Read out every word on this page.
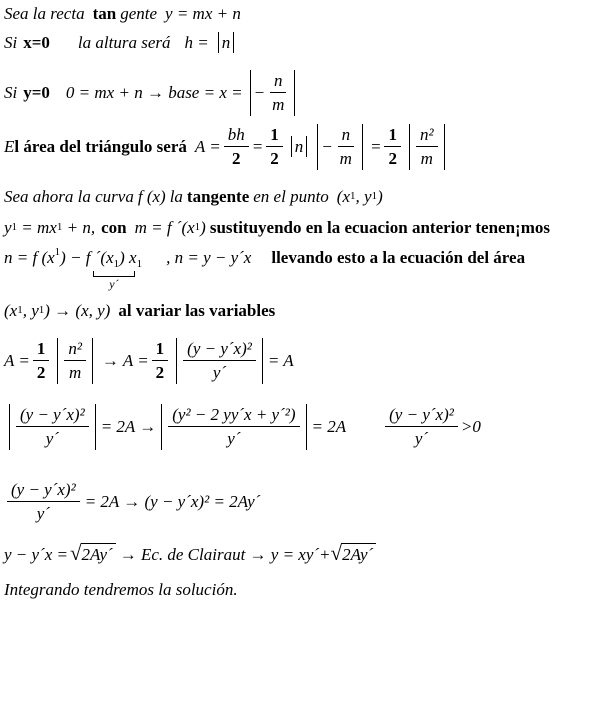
Sea la recta tan gente y = mx + n
Si x=0 la altura será h = n
Si y=0 0 = mx + n → base = x = − $\frac{n}{m}$
E l área del triángulo será $A = \frac{bh}{2} = \frac{1}{2}$ $n - \frac{n}{m} = \frac{1}{2} \frac{\text{n²}}{m}$
Sea ahora la curva f (x) la tangente en el punto (x 1 , y 1 )
y 1 = mx 1 + n, con m = f ´(x 1 ) sustituyendo en la ecuacion anterior tenen¡mos
n = f ($x^1$ ) − f $´(x_1)$ $x_1$
y´
, n = y − y´x llevando esto a la ecuación del área
(x 1 , y 1 ) → (x, y) al variar las variables
$A = \frac{1}{2} \frac{\text{n²}}{m} \to A = \frac{1}{2} \frac{\text{(y − y´x)²}}{y´} = A$
$\frac{\text{(y − y´x)²}}{y´} = 2A \to \frac{\text{(y² − 2 yy´x + y´²)}}{y´} = 2A \frac{\text{(y − y´x)²}}{y´} >0$
$\frac{\text{(y − y´x)²}}{y´} = 2A \to (y$ − y´x)² = 2Ay´
y − y´x = √ 2Ay´ → Ec. de Clairaut → y = xy´+ √ 2Ay´
Integrando tendremos la solución.
